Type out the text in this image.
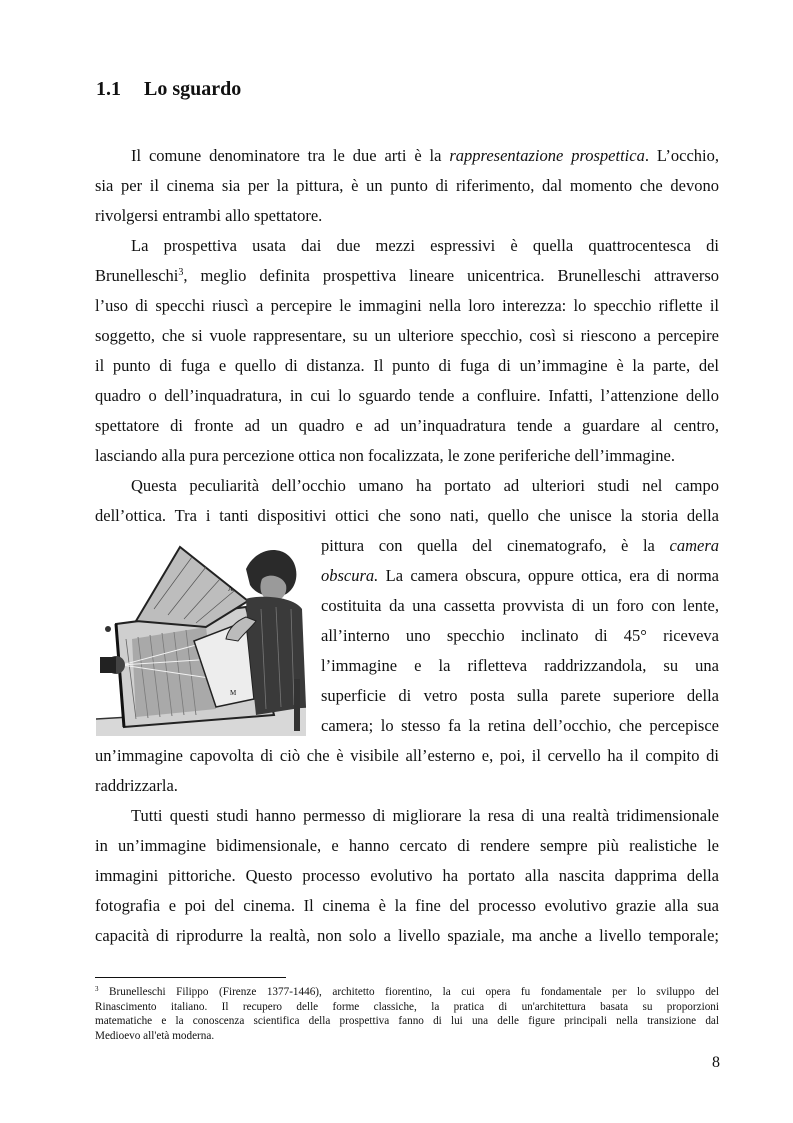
1.1 Lo sguardo
Il comune denominatore tra le due arti è la rappresentazione prospettica. L’occhio,
sia per il cinema sia per la pittura, è un punto di riferimento, dal momento che devono
rivolgersi entrambi allo spettatore.
La prospettiva usata dai due mezzi espressivi è quella quattrocentesca di
Brunelleschi$^3$, meglio definita prospettiva lineare unicentrica. Brunelleschi attraverso
l’uso di specchi riuscì a percepire le immagini nella loro interezza: lo specchio riflette il
soggetto, che si vuole rappresentare, su un ulteriore specchio, così si riescono a percepire
il punto di fuga e quello di distanza. Il punto di fuga di un’immagine è la parte, del
quadro o dell’inquadratura, in cui lo sguardo tende a confluire. Infatti, l’attenzione dello
spettatore di fronte ad un quadro e ad un’inquadratura tende a guardare al centro,
lasciando alla pura percezione ottica non focalizzata, le zone periferiche dell’immagine.
Questa peculiarità dell’occhio umano ha portato ad ulteriori studi nel campo
dell’ottica. Tra i tanti dispositivi ottici che sono nati, quello che unisce la storia della
pittura con quella del cinematografo, è la camera
obscura. La camera obscura, oppure ottica, era di norma
costituita da una cassetta provvista di un foro con lente,
all’interno uno specchio inclinato di 45° riceveva
l’immagine e la rifletteva raddrizzandola, su una
superficie di vetro posta sulla parete superiore della
camera; lo stesso fa la retina dell’occhio, che percepisce
un’immagine capovolta di ciò che è visibile all’esterno e, poi, il cervello ha il compito di
raddrizzarla.
Tutti questi studi hanno permesso di migliorare la resa di una realtà tridimensionale
in un’immagine bidimensionale, e hanno cercato di rendere sempre più realistiche le
immagini pittoriche. Questo processo evolutivo ha portato alla nascita dapprima della
fotografia e poi del cinema. Il cinema è la fine del processo evolutivo grazie alla sua
capacità di riprodurre la realtà, non solo a livello spaziale, ma anche a livello temporale;
A
M
$^3$ Brunelleschi Filippo (Firenze 1377-1446), architetto fiorentino, la cui opera fu fondamentale per lo sviluppo del
Rinascimento italiano. Il recupero delle forme classiche, la pratica di un'architettura basata su proporzioni
matematiche e la conoscenza scientifica della prospettiva fanno di lui una delle figure principali nella transizione dal
Medioevo all'età moderna.
8
